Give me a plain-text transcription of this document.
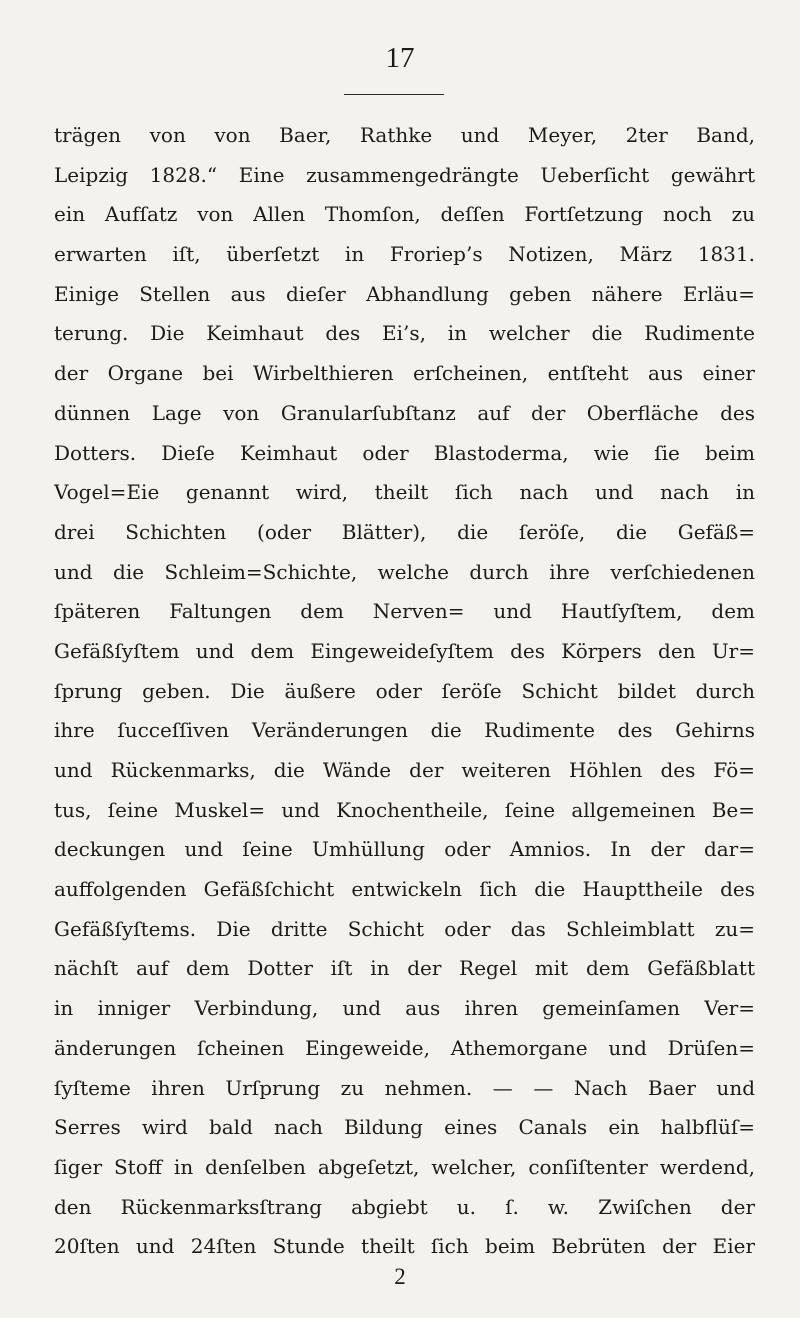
17
trägen von von Baer, Rathke und Meyer, 2ter Band,
Leipzig 1828.“ Eine zusammengedrängte Ueberſicht gewährt
ein Aufſatz von Allen Thomſon, deſſen Fortſetzung noch zu
erwarten iſt, überſetzt in Froriep’s Notizen, März 1831.
Einige Stellen aus dieſer Abhandlung geben nähere Erläu=
terung. Die Keimhaut des Ei’s, in welcher die Rudimente
der Organe bei Wirbelthieren erſcheinen, entſteht aus einer
dünnen Lage von Granularſubſtanz auf der Oberfläche des
Dotters. Dieſe Keimhaut oder Blastoderma, wie ſie beim
Vogel=Eie genannt wird, theilt ſich nach und nach in
drei Schichten (oder Blätter), die ſeröſe, die Gefäß=
und die Schleim=Schichte, welche durch ihre verſchiedenen
ſpäteren Faltungen dem Nerven= und Hautſyſtem, dem
Gefäßſyſtem und dem Eingeweideſyſtem des Körpers den Ur=
ſprung geben. Die äußere oder ſeröſe Schicht bildet durch
ihre ſucceſſiven Veränderungen die Rudimente des Gehirns
und Rückenmarks, die Wände der weiteren Höhlen des Fö=
tus, ſeine Muskel= und Knochentheile, ſeine allgemeinen Be=
deckungen und ſeine Umhüllung oder Amnios. In der dar=
auffolgenden Gefäßſchicht entwickeln ſich die Haupttheile des
Gefäßſyſtems. Die dritte Schicht oder das Schleimblatt zu=
nächſt auf dem Dotter iſt in der Regel mit dem Gefäßblatt
in inniger Verbindung, und aus ihren gemeinſamen Ver=
änderungen ſcheinen Eingeweide, Athemorgane und Drüſen=
ſyſteme ihren Urſprung zu nehmen. — — Nach Baer und
Serres wird bald nach Bildung eines Canals ein halbflüſ=
ſiger Stoff in denſelben abgeſetzt, welcher, conſiſtenter werdend,
den Rückenmarksſtrang abgiebt u. ſ. w. Zwiſchen der
20ſten und 24ſten Stunde theilt ſich beim Bebrüten der Eier
2
